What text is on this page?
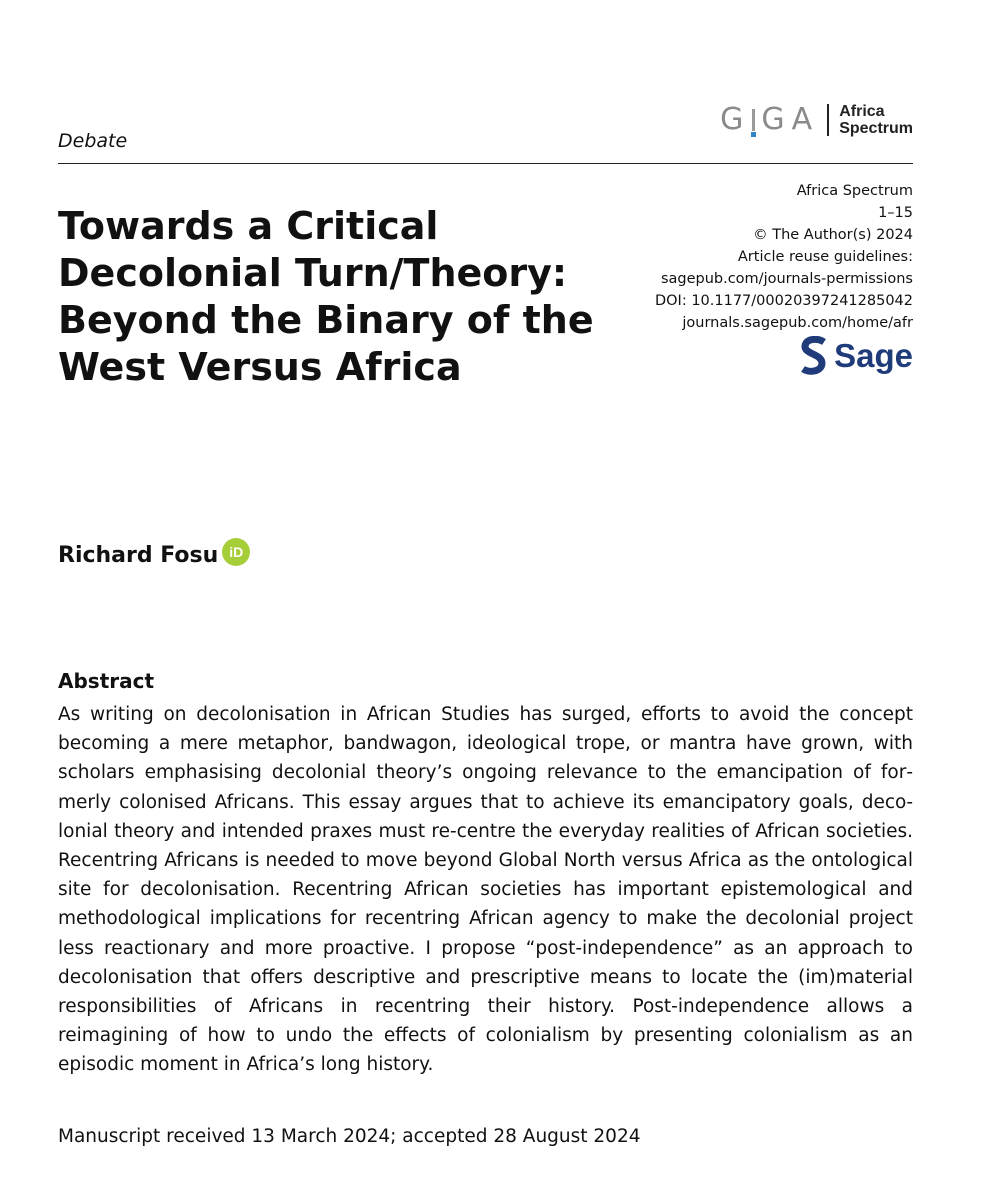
G G A Africa
Spectrum
Debate
Towards a Critical Decolonial Turn/Theory: Beyond the Binary of the West Versus Africa
Africa Spectrum
1–15
© The Author(s) 2024
Article reuse guidelines:
sagepub.com/journals-permissions
DOI: 10.1177/00020397241285042
journals.sagepub.com/home/afr
Sage
Richard Fosu iD
Abstract

As writing on decolonisation in African Studies has surged, efforts to avoid the concept becoming a mere metaphor, bandwagon, ideological trope, or mantra have grown, with scholars emphasising decolonial theory’s ongoing relevance to the emancipation of formerly colonised Africans. This essay argues that to achieve its emancipatory goals, decolonial theory and intended praxes must re-centre the everyday realities of African societies. Recentring Africans is needed to move beyond Global North versus Africa as the ontological site for decolonisation. Recentring African societies has important epistemological and methodological implications for recentring African agency to make the decolonial project less reactionary and more proactive. I propose “post-independence” as an approach to decolonisation that offers descriptive and prescriptive means to locate the (im)material responsibilities of Africans in recentring their history. Post-independence allows a reimagining of how to undo the effects of colonialism by presenting colonialism as an episodic moment in Africa’s long history.

Manuscript received 13 March 2024; accepted 28 August 2024
